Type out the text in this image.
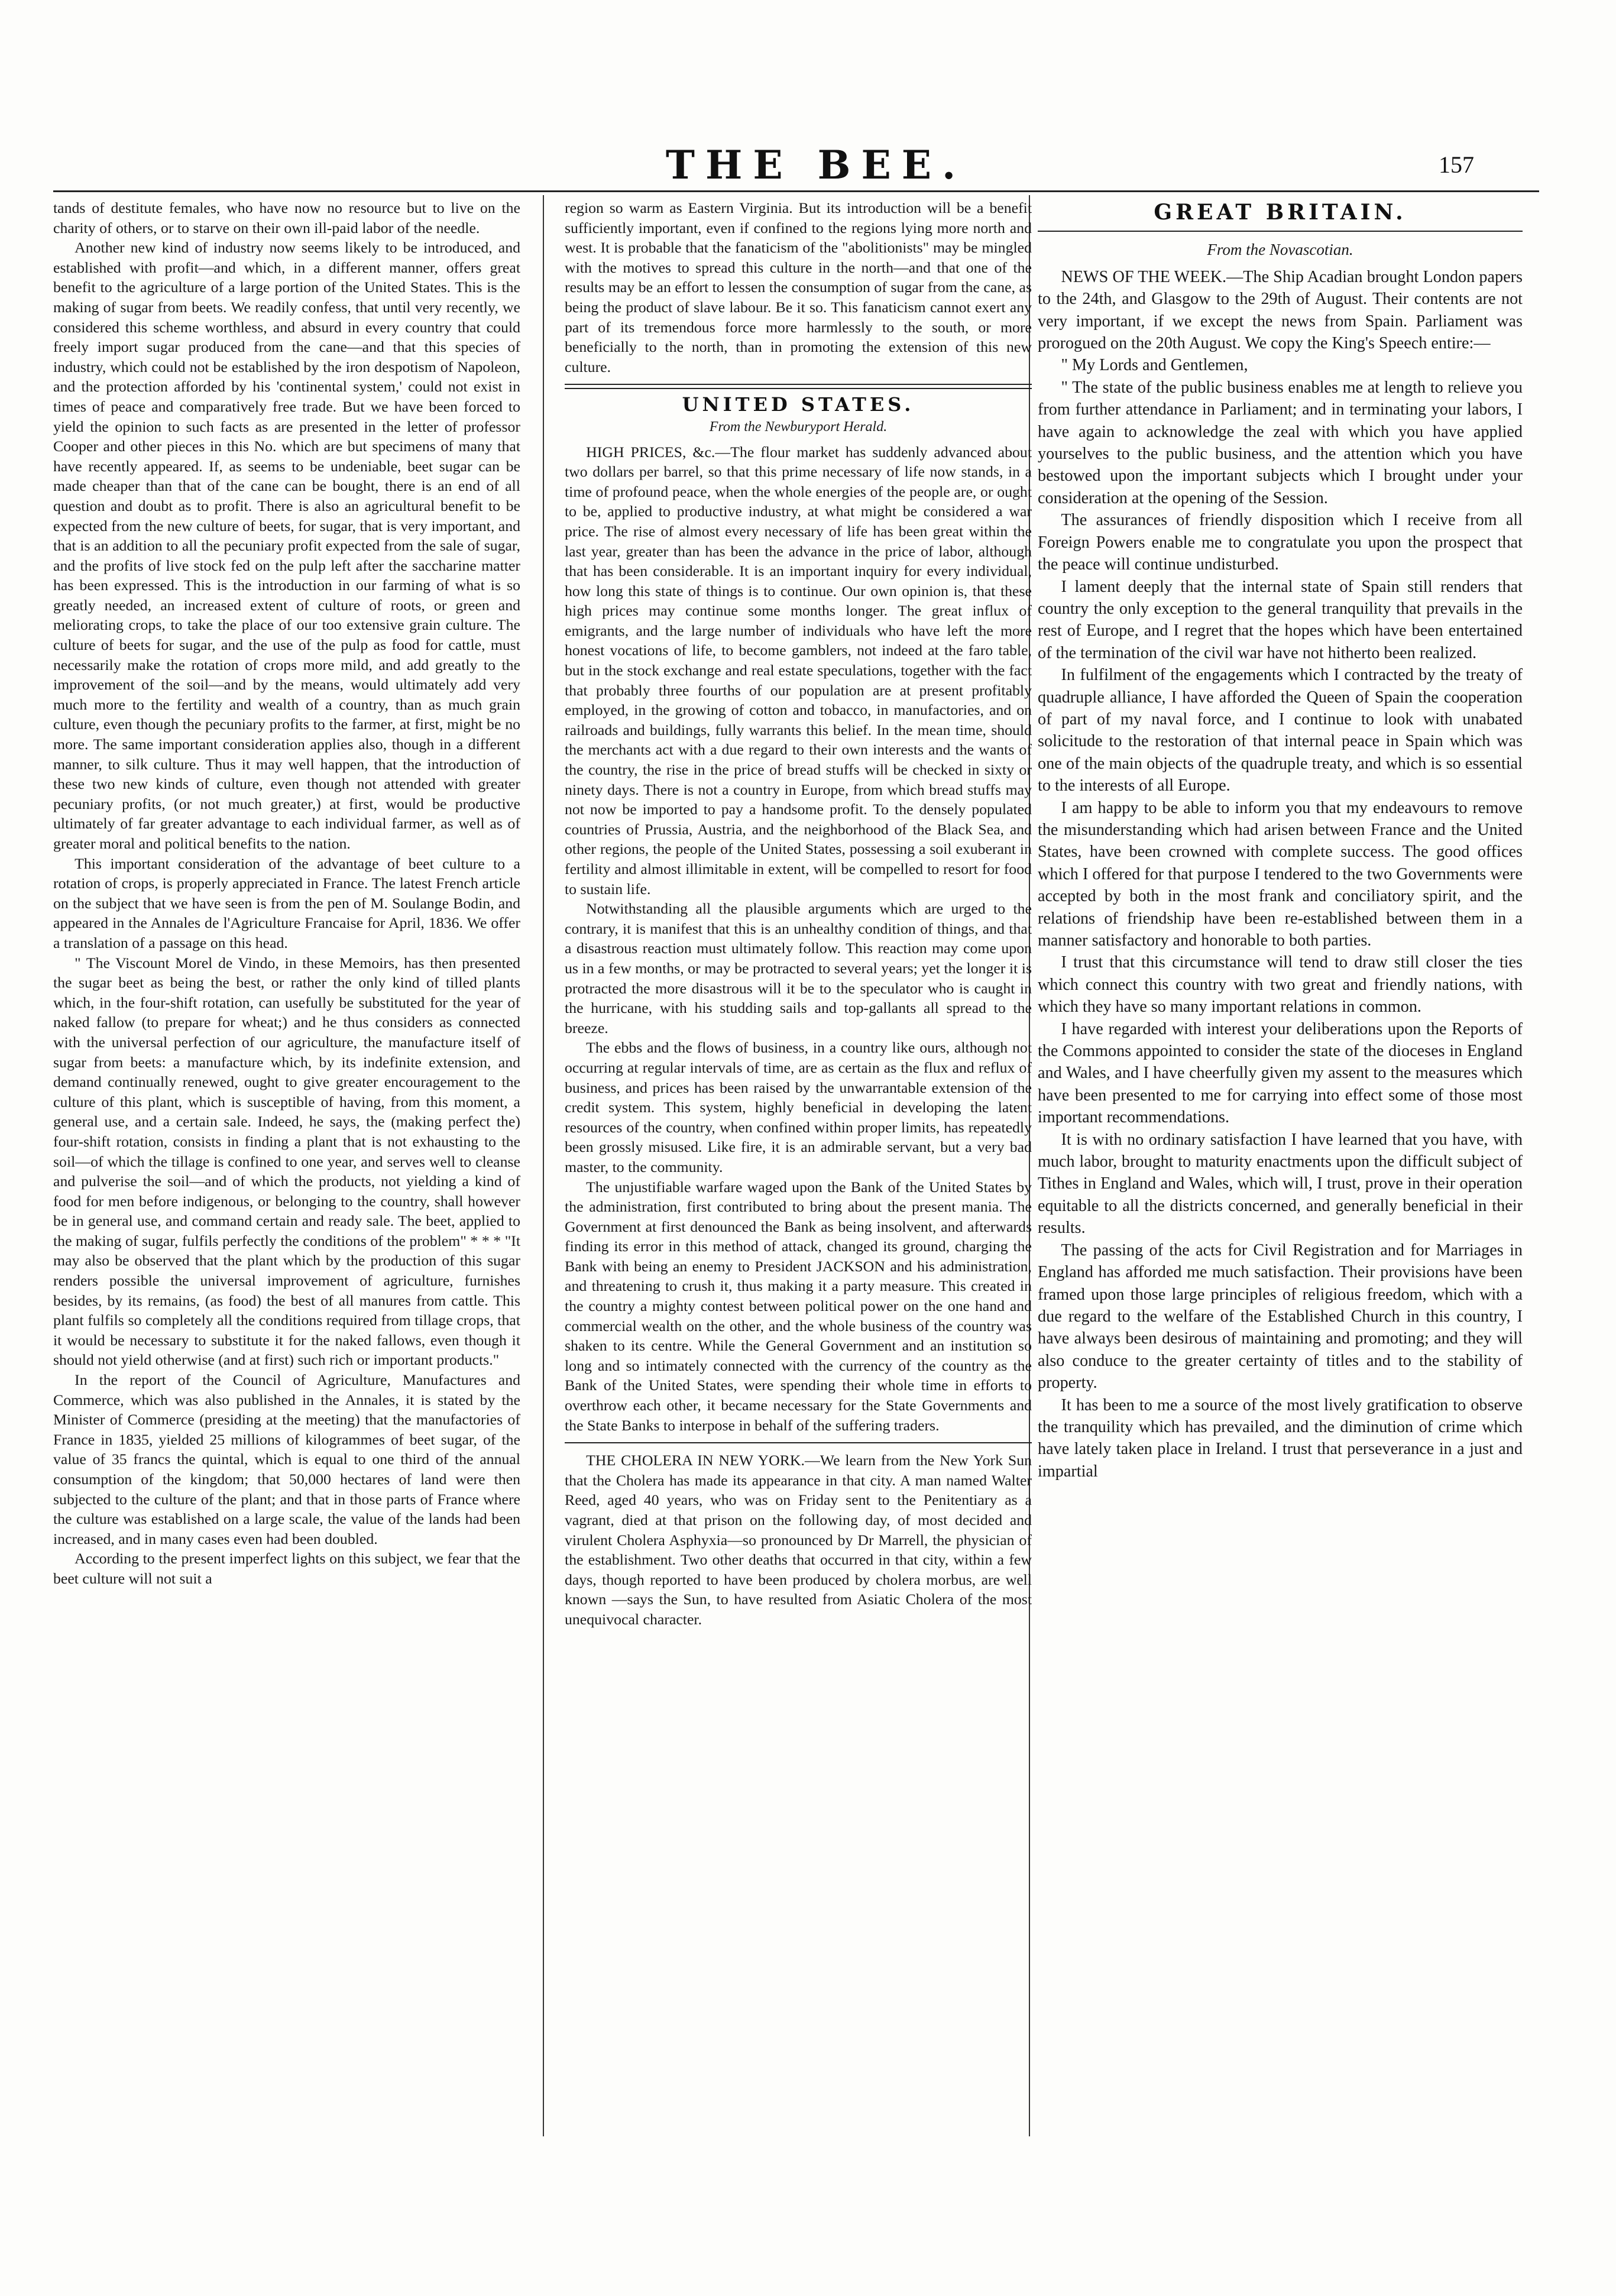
THE BEE.	157

tands of destitute females, who have now no resource but to live on the charity of others, or to starve on their own ill-paid labor of the needle.

Another new kind of industry now seems likely to be introduced, and established with profit—and which, in a different manner, offers great benefit to the agriculture of a large portion of the United States. This is the making of sugar from beets. We readily confess, that until very recently, we considered this scheme worthless, and absurd in every country that could freely import sugar produced from the cane—and that this species of industry, which could not be established by the iron despotism of Napoleon, and the protection afforded by his 'continental system,' could not exist in times of peace and comparatively free trade. But we have been forced to yield the opinion to such facts as are presented in the letter of professor Cooper and other pieces in this No. which are but specimens of many that have recently appeared. If, as seems to be undeniable, beet sugar can be made cheaper than that of the cane can be bought, there is an end of all question and doubt as to profit. There is also an agricultural benefit to be expected from the new culture of beets, for sugar, that is very important, and that is an addition to all the pecuniary profit expected from the sale of sugar, and the profits of live stock fed on the pulp left after the saccharine matter has been expressed. This is the introduction in our farming of what is so greatly needed, an increased extent of culture of roots, or green and meliorating crops, to take the place of our too extensive grain culture. The culture of beets for sugar, and the use of the pulp as food for cattle, must necessarily make the rotation of crops more mild, and add greatly to the improvement of the soil—and by the means, would ultimately add very much more to the fertility and wealth of a country, than as much grain culture, even though the pecuniary profits to the farmer, at first, might be no more. The same important consideration applies also, though in a different manner, to silk culture. Thus it may well happen, that the introduction of these two new kinds of culture, even though not attended with greater pecuniary profits, (or not much greater,) at first, would be productive ultimately of far greater advantage to each individual farmer, as well as of greater moral and political benefits to the nation.

This important consideration of the advantage of beet culture to a rotation of crops, is properly appreciated in France. The latest French article on the subject that we have seen is from the pen of M. Soulange Bodin, and appeared in the Annales de l'Agriculture Francaise for April, 1836. We offer a translation of a passage on this head.

" The Viscount Morel de Vindo, in these Memoirs, has then presented the sugar beet as being the best, or rather the only kind of tilled plants which, in the four-shift rotation, can usefully be substituted for the year of naked fallow (to prepare for wheat;) and he thus considers as connected with the universal perfection of our agriculture, the manufacture itself of sugar from beets: a manufacture which, by its indefinite extension, and demand continually renewed, ought to give greater encouragement to the culture of this plant, which is susceptible of having, from this moment, a general use, and a certain sale. Indeed, he says, the (making perfect the) four-shift rotation, consists in finding a plant that is not exhausting to the soil—of which the tillage is confined to one year, and serves well to cleanse and pulverise the soil—and of which the products, not yielding a kind of food for men before indigenous, or belonging to the country, shall however be in general use, and command certain and ready sale. The beet, applied to the making of sugar, fulfils perfectly the conditions of the problem" * * * "It may also be observed that the plant which by the production of this sugar renders possible the universal improvement of agriculture, furnishes besides, by its remains, (as food) the best of all manures from cattle. This plant fulfils so completely all the conditions required from tillage crops, that it would be necessary to substitute it for the naked fallows, even though it should not yield otherwise (and at first) such rich or important products."

In the report of the Council of Agriculture, Manufactures and Commerce, which was also published in the Annales, it is stated by the Minister of Commerce (presiding at the meeting) that the manufactories of France in 1835, yielded 25 millions of kilogrammes of beet sugar, of the value of 35 francs the quintal, which is equal to one third of the annual consumption of the kingdom; that 50,000 hectares of land were then subjected to the culture of the plant; and that in those parts of France where the culture was established on a large scale, the value of the lands had been increased, and in many cases even had been doubled.

According to the present imperfect lights on this subject, we fear that the beet culture will not suit a

region so warm as Eastern Virginia. But its introduction will be a benefit sufficiently important, even if confined to the regions lying more north and west. It is probable that the fanaticism of the "abolitionists" may be mingled with the motives to spread this culture in the north—and that one of the results may be an effort to lessen the consumption of sugar from the cane, as being the product of slave labour. Be it so. This fanaticism cannot exert any part of its tremendous force more harmlessly to the south, or more beneficially to the north, than in promoting the extension of this new culture.

UNITED STATES.
From the Newburyport Herald.

HIGH PRICES, &c.—The flour market has suddenly advanced about two dollars per barrel, so that this prime necessary of life now stands, in a time of profound peace, when the whole energies of the people are, or ought to be, applied to productive industry, at what might be considered a war price. The rise of almost every necessary of life has been great within the last year, greater than has been the advance in the price of labor, although that has been considerable. It is an important inquiry for every individual, how long this state of things is to continue. Our own opinion is, that these high prices may continue some months longer. The great influx of emigrants, and the large number of individuals who have left the more honest vocations of life, to become gamblers, not indeed at the faro table, but in the stock exchange and real estate speculations, together with the fact that probably three fourths of our population are at present profitably employed, in the growing of cotton and tobacco, in manufactories, and on railroads and buildings, fully warrants this belief. In the mean time, should the merchants act with a due regard to their own interests and the wants of the country, the rise in the price of bread stuffs will be checked in sixty or ninety days. There is not a country in Europe, from which bread stuffs may not now be imported to pay a handsome profit. To the densely populated countries of Prussia, Austria, and the neighborhood of the Black Sea, and other regions, the people of the United States, possessing a soil exuberant in fertility and almost illimitable in extent, will be compelled to resort for food to sustain life.

Notwithstanding all the plausible arguments which are urged to the contrary, it is manifest that this is an unhealthy condition of things, and that a disastrous reaction must ultimately follow. This reaction may come upon us in a few months, or may be protracted to several years; yet the longer it is protracted the more disastrous will it be to the speculator who is caught in the hurricane, with his studding sails and top-gallants all spread to the breeze.

The ebbs and the flows of business, in a country like ours, although not occurring at regular intervals of time, are as certain as the flux and reflux of business, and prices has been raised by the unwarrantable extension of the credit system. This system, highly beneficial in developing the latent resources of the country, when confined within proper limits, has repeatedly been grossly misused. Like fire, it is an admirable servant, but a very bad master, to the community.

The unjustifiable warfare waged upon the Bank of the United States by the administration, first contributed to bring about the present mania. The Government at first denounced the Bank as being insolvent, and afterwards finding its error in this method of attack, changed its ground, charging the Bank with being an enemy to President JACKSON and his administration, and threatening to crush it, thus making it a party measure. This created in the country a mighty contest between political power on the one hand and commercial wealth on the other, and the whole business of the country was shaken to its centre. While the General Government and an institution so long and so intimately connected with the currency of the country as the Bank of the United States, were spending their whole time in efforts to overthrow each other, it became necessary for the State Governments and the State Banks to interpose in behalf of the suffering traders.

THE CHOLERA IN NEW YORK.—We learn from the New York Sun that the Cholera has made its appearance in that city. A man named Walter Reed, aged 40 years, who was on Friday sent to the Penitentiary as a vagrant, died at that prison on the following day, of most decided and virulent Cholera Asphyxia—so pronounced by Dr Marrell, the physician of the establishment. Two other deaths that occurred in that city, within a few days, though reported to have been produced by cholera morbus, are well known —says the Sun, to have resulted from Asiatic Cholera of the most unequivocal character.

GREAT BRITAIN.
From the Novascotian.

NEWS OF THE WEEK.—The Ship Acadian brought London papers to the 24th, and Glasgow to the 29th of August. Their contents are not very important, if we except the news from Spain. Parliament was prorogued on the 20th August. We copy the King's Speech entire:—

" My Lords and Gentlemen,

" The state of the public business enables me at length to relieve you from further attendance in Parliament; and in terminating your labors, I have again to acknowledge the zeal with which you have applied yourselves to the public business, and the attention which you have bestowed upon the important subjects which I brought under your consideration at the opening of the Session.

The assurances of friendly disposition which I receive from all Foreign Powers enable me to congratulate you upon the prospect that the peace will continue undisturbed.

I lament deeply that the internal state of Spain still renders that country the only exception to the general tranquility that prevails in the rest of Europe, and I regret that the hopes which have been entertained of the termination of the civil war have not hitherto been realized.

In fulfilment of the engagements which I contracted by the treaty of quadruple alliance, I have afforded the Queen of Spain the cooperation of part of my naval force, and I continue to look with unabated solicitude to the restoration of that internal peace in Spain which was one of the main objects of the quadruple treaty, and which is so essential to the interests of all Europe.

I am happy to be able to inform you that my endeavours to remove the misunderstanding which had arisen between France and the United States, have been crowned with complete success. The good offices which I offered for that purpose I tendered to the two Governments were accepted by both in the most frank and conciliatory spirit, and the relations of friendship have been re-established between them in a manner satisfactory and honorable to both parties.

I trust that this circumstance will tend to draw still closer the ties which connect this country with two great and friendly nations, with which they have so many important relations in common.

I have regarded with interest your deliberations upon the Reports of the Commons appointed to consider the state of the dioceses in England and Wales, and I have cheerfully given my assent to the measures which have been presented to me for carrying into effect some of those most important recommendations.

It is with no ordinary satisfaction I have learned that you have, with much labor, brought to maturity enactments upon the difficult subject of Tithes in England and Wales, which will, I trust, prove in their operation equitable to all the districts concerned, and generally beneficial in their results.

The passing of the acts for Civil Registration and for Marriages in England has afforded me much satisfaction. Their provisions have been framed upon those large principles of religious freedom, which with a due regard to the welfare of the Established Church in this country, I have always been desirous of maintaining and promoting; and they will also conduce to the greater certainty of titles and to the stability of property.

It has been to me a source of the most lively gratification to observe the tranquility which has prevailed, and the diminution of crime which have lately taken place in Ireland. I trust that perseverance in a just and impartial
